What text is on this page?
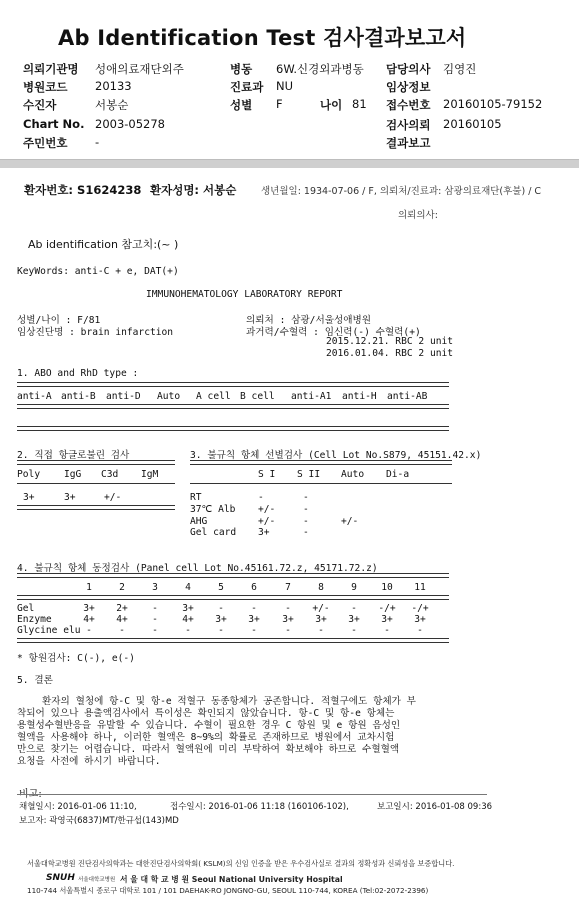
Ab Identification Test 검사결과보고서
의뢰기관명 성애의료재단외주
병원코드 20133
수진자	서봉순
Chart No. 2003-05278
주민번호 -
병동 6W.신경외과병동
진료과 NU
성별 F	나이 81
담당의사 김영진
임상정보
접수번호 20160105-79152
검사의뢰 20160105
결과보고
환자번호: S1624238 환자성명: 서봉순	생년월일: 1934-07-06 / F, 의뢰처/진료과: 삼광의료재단(후불) / C
의뢰의사:
Ab identification 참고치:(~ )
KeyWords: anti-C + e, DAT(+)
IMMUNOHEMATOLOGY LABORATORY REPORT
성별/나이 : F/81
임상진단명 : brain infarction
의뢰처 : 삼광/서울성애병원
과거력/수혈력 : 임신력(-) 수혈력(+)
2015.12.21. RBC 2 unit
2016.01.04. RBC 2 unit
1. ABO and RhD type :
anti-A anti-B anti-D Auto A cell B cell anti-A1 anti-H anti-AB
2. 직접 항글로불린 검사
Poly IgG C3d IgM
3+	3+	+/-
3. 불규칙 항체 선별검사 (Cell Lot No.S879, 45151.42.x)
S I S II Auto Di-a
RT	-	-
37℃ Alb +/-	-
AHG	+/-	-	+/-
Gel card 3+	-
4. 불규칙 항체 동정검사 (Panel cell Lot No.45161.72.z, 45171.72.z)
1	2	3	4	5	6	7	8	9	10	11
Gel	3+	2+	-	3+	-	-	-	+/-	-	-/+ -/+
Enzyme	4+	4+	-	4+	3+	3+	3+	3+	3+	3+	3+
Glycine elu -	-	-	-	-	-	-	-	-	-	-
* 항원검사: C(-), e(-)
5. 결론
환자의 혈청에 항-C 및 항-e 적혈구 동종항체가 공존합니다. 적혈구에도 항체가 부
착되어 있으나 용출액검사에서 특이성은 확인되지 않았습니다. 항-C 및 항-e 항체는
용혈성수혈반응을 유발할 수 있습니다. 수혈이 필요한 경우 C 항원 및 e 항원 음성인
혈액을 사용해야 하나, 이러한 혈액은 8~9%의 확률로 존재하므로 병원에서 교차시험
만으로 찾기는 어렵습니다. 따라서 혈액원에 미리 부탁하여 확보해야 하므로 수혈혈액
요청을 사전에 하시기 바랍니다.
비고:
채혈일시: 2016-01-06 11:10,	접수일시: 2016-01-06 11:18 (160106-102),	보고일시: 2016-01-08 09:36
보고자: 곽영국(6837)MT/한규섭(143)MD
서울대학교병원 진단검사의학과는 대한진단검사의학회( KSLM)의 신임 인증을 받은 우수검사실로 결과의 정확성과 신뢰성을 보증합니다.
SNUH 서울대학교병원 서 울 대 학 교 병 원 Seoul National University Hospital
110-744 서울특별시 종로구 대학로 101 / 101 DAEHAK-RO JONGNO-GU, SEOUL 110-744, KOREA (Tel:02-2072-2396)
